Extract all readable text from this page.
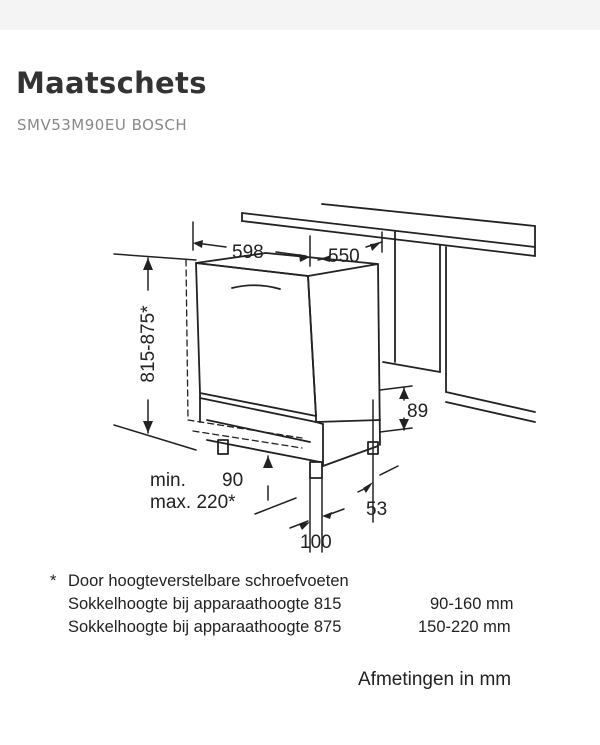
Maatschets
SMV53M90EU BOSCH
598	550
815-875*
min. 90
max. 220*
89
53
100
* Door hoogteverstelbare schroefvoeten
Sokkelhoogte bij apparaathoogte 815	90-160 mm
Sokkelhoogte bij apparaathoogte 875	150-220 mm
Afmetingen in mm
